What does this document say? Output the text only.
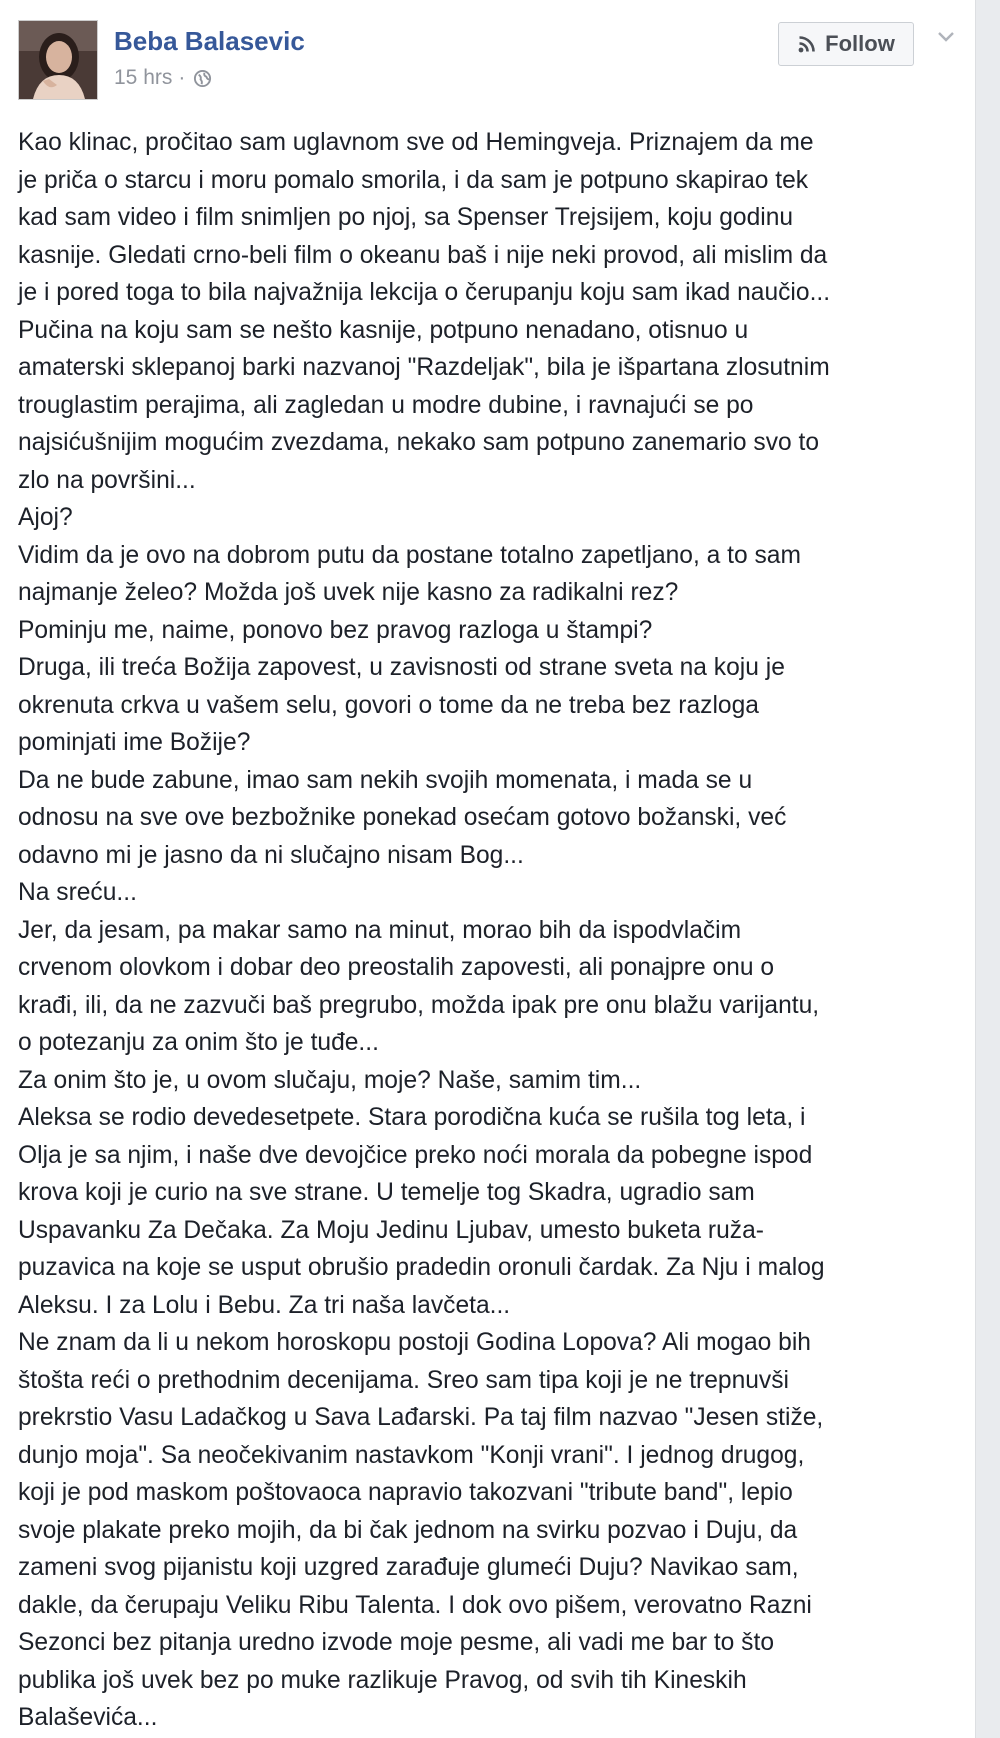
Beba Balasevic
15 hrs ·
Follow

Kao klinac, pročitao sam uglavnom sve od Hemingveja. Priznajem da me

je priča o starcu i moru pomalo smorila, i da sam je potpuno skapirao tek

kad sam video i film snimljen po njoj, sa Spenser Trejsijem, koju godinu

kasnije. Gledati crno-beli film o okeanu baš i nije neki provod, ali mislim da

je i pored toga to bila najvažnija lekcija o čerupanju koju sam ikad naučio...

Pučina na koju sam se nešto kasnije, potpuno nenadano, otisnuo u

amaterski sklepanoj barki nazvanoj "Razdeljak", bila je išpartana zlosutnim

trouglastim perajima, ali zagledan u modre dubine, i ravnajući se po

najsićušnijim mogućim zvezdama, nekako sam potpuno zanemario svo to

zlo na površini...

Ajoj?

Vidim da je ovo na dobrom putu da postane totalno zapetljano, a to sam

najmanje želeo? Možda još uvek nije kasno za radikalni rez?

Pominju me, naime, ponovo bez pravog razloga u štampi?

Druga, ili treća Božija zapovest, u zavisnosti od strane sveta na koju je

okrenuta crkva u vašem selu, govori o tome da ne treba bez razloga

pominjati ime Božije?

Da ne bude zabune, imao sam nekih svojih momenata, i mada se u

odnosu na sve ove bezbožnike ponekad osećam gotovo božanski, već

odavno mi je jasno da ni slučajno nisam Bog...

Na sreću...

Jer, da jesam, pa makar samo na minut, morao bih da ispodvlačim

crvenom olovkom i dobar deo preostalih zapovesti, ali ponajpre onu o

krađi, ili, da ne zazvuči baš pregrubo, možda ipak pre onu blažu varijantu,

o potezanju za onim što je tuđe...

Za onim što je, u ovom slučaju, moje? Naše, samim tim...

Aleksa se rodio devedesetpete. Stara porodična kuća se rušila tog leta, i

Olja je sa njim, i naše dve devojčice preko noći morala da pobegne ispod

krova koji je curio na sve strane. U temelje tog Skadra, ugradio sam

Uspavanku Za Dečaka. Za Moju Jedinu Ljubav, umesto buketa ruža-

puzavica na koje se usput obrušio pradedin oronuli čardak. Za Nju i malog

Aleksu. I za Lolu i Bebu. Za tri naša lavčeta...

Ne znam da li u nekom horoskopu postoji Godina Lopova? Ali mogao bih

štošta reći o prethodnim decenijama. Sreo sam tipa koji je ne trepnuvši

prekrstio Vasu Ladačkog u Sava Lađarski. Pa taj film nazvao "Jesen stiže,

dunjo moja". Sa neočekivanim nastavkom "Konji vrani". I jednog drugog,

koji je pod maskom poštovaoca napravio takozvani "tribute band", lepio

svoje plakate preko mojih, da bi čak jednom na svirku pozvao i Duju, da

zameni svog pijanistu koji uzgred zarađuje glumeći Duju? Navikao sam,

dakle, da čerupaju Veliku Ribu Talenta. I dok ovo pišem, verovatno Razni

Sezonci bez pitanja uredno izvode moje pesme, ali vadi me bar to što

publika još uvek bez po muke razlikuje Pravog, od svih tih Kineskih

Balaševića...
